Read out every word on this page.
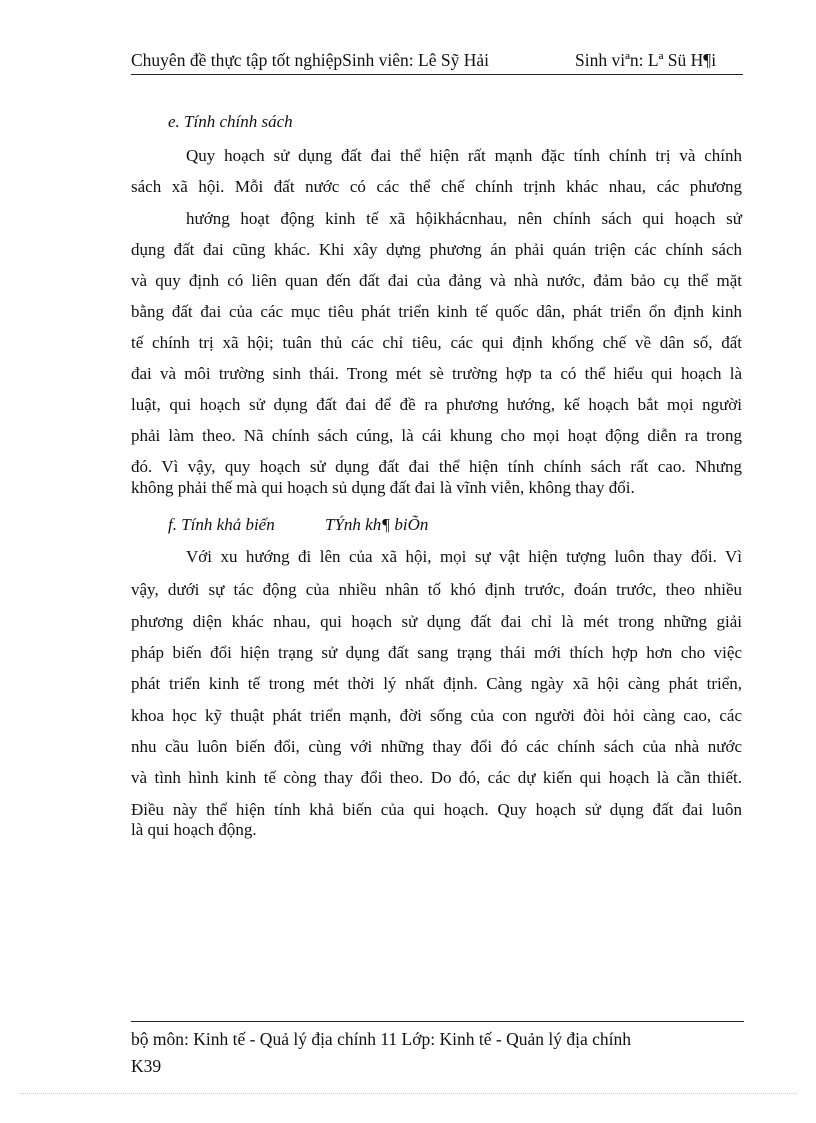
Chuyên đề thực tập tốt nghiệpSinh viên: Lê Sỹ Hải	Sinh viªn: Lª Sü H¶i
e. Tính chính sách
Quy hoạch sử dụng đất đai thể hiện rất mạnh đặc tính chính trị và chính
sách xã hội. Mỗi đất nước có các thể chế chính trịnh khác nhau, các phương
hướng hoạt động kinh tế xã hộikhácnhau, nên chính sách qui hoạch sử
dụng đất đai cũng khác. Khi xây dựng phương án phải quán triện các chính sách
và quy định có liên quan đến đất đai của đảng và nhà nước, đảm bảo cụ thể mặt
bằng đất đai của các mục tiêu phát triển kinh tế quốc dân, phát triển ổn định kinh
tế chính trị xã hội; tuân thủ các chỉ tiêu, các qui định khống chế về dân số, đất
đai và môi trường sinh thái. Trong mét sè trường hợp ta có thể hiểu qui hoạch là
luật, qui hoạch sử dụng đất đai để đề ra phương hướng, kế hoạch bắt mọi người
phải làm theo. Nã chính sách cúng, là cái khung cho mọi hoạt động diễn ra trong
đó. Vì vậy, quy hoạch sử dụng đất đai thể hiện tính chính sách rất cao. Nhưng
không phải thế mà qui hoạch sủ dụng đất đai là vĩnh viễn, không thay đổi.
f. Tính khả biến	TÝnh kh¶ biÕn
Với xu hướng đi lên của xã hội, mọi sự vật hiện tượng luôn thay đổi. Vì
vậy, dưới sự tác động của nhiều nhân tố khó định trước, đoán trước, theo nhiều
phương diện khác nhau, qui hoạch sử dụng đất đai chỉ là mét trong những giải
pháp biến đổi hiện trạng sử dụng đất sang trạng thái mới thích hợp hơn cho việc
phát triển kinh tế trong mét thời lý nhất định. Càng ngày xã hội càng phát triển,
khoa học kỹ thuật phát triển mạnh, đời sống của con người đòi hỏi càng cao, các
nhu cầu luôn biến đổi, cùng với những thay đổi đó các chính sách của nhà nước
và tình hình kinh tế còng thay đổi theo. Do đó, các dự kiến qui hoạch là cần thiết.
Điều này thể hiện tính khả biến của qui hoạch. Quy hoạch sử dụng đất đai luôn
là qui hoạch động.
bộ môn: Kinh tế - Quả lý địa chính 11 Lớp: Kinh tế - Quản lý địa chính
K39
